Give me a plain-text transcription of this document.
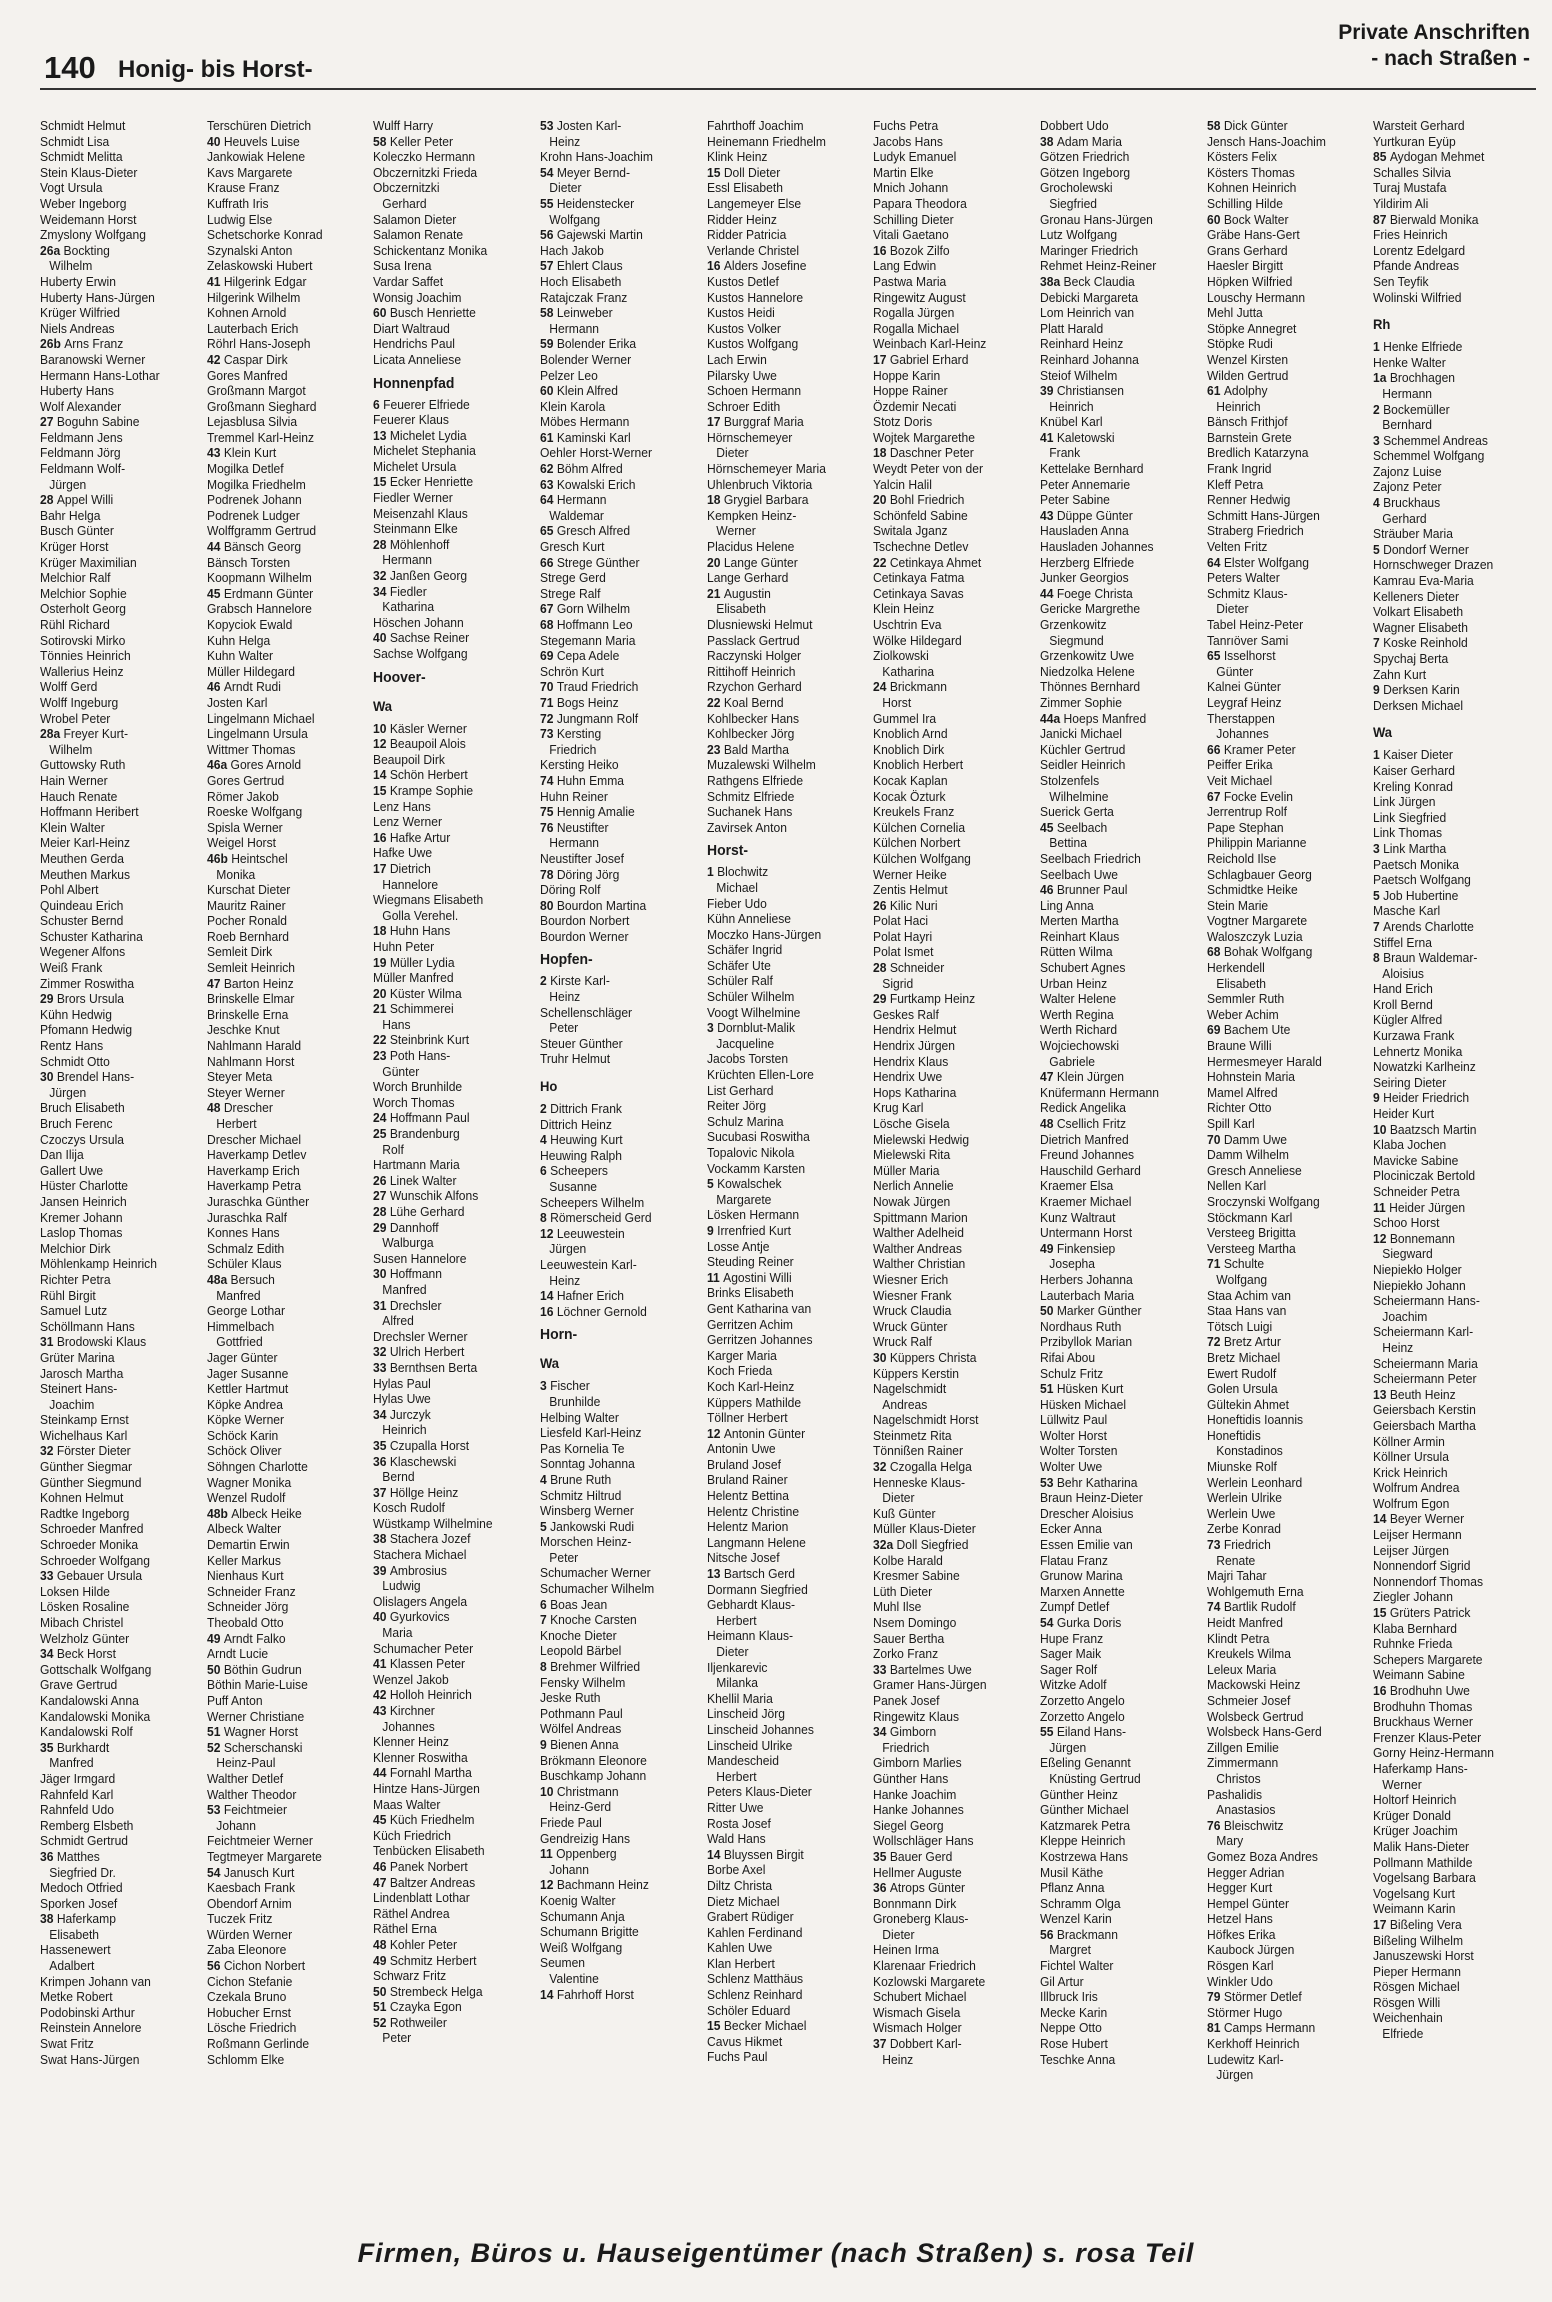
140 Honig- bis Horst-
Private Anschriften
- nach Straßen -
Schmidt Helmut
Schmidt Lisa
Schmidt Melitta
Stein Klaus-Dieter
Vogt Ursula
Weber Ingeborg
Weidemann Horst
Zmyslony Wolfgang
26a Bockting
Wilhelm
Huberty Erwin
Huberty Hans-Jürgen
Krüger Wilfried
Niels Andreas
26b Arns Franz
Baranowski Werner
Hermann Hans-Lothar
Huberty Hans
Wolf Alexander
27 Boguhn Sabine
Feldmann Jens
Feldmann Jörg
Feldmann Wolf-
Jürgen
28 Appel Willi
Bahr Helga
Busch Günter
Krüger Horst
Krüger Maximilian
Melchior Ralf
Melchior Sophie
Osterholt Georg
Rühl Richard
Sotirovski Mirko
Tönnies Heinrich
Wallerius Heinz
Wolff Gerd
Wolff Ingeburg
Wrobel Peter
28a Freyer Kurt-
Wilhelm
Guttowsky Ruth
Hain Werner
Hauch Renate
Hoffmann Heribert
Klein Walter
Meier Karl-Heinz
Meuthen Gerda
Meuthen Markus
Pohl Albert
Quindeau Erich
Schuster Bernd
Schuster Katharina
Wegener Alfons
Weiß Frank
Zimmer Roswitha
29 Brors Ursula
Kühn Hedwig
Pfomann Hedwig
Rentz Hans
Schmidt Otto
30 Brendel Hans-
Jürgen
Bruch Elisabeth
Bruch Ferenc
Czoczys Ursula
Dan Ilija
Gallert Uwe
Hüster Charlotte
Jansen Heinrich
Kremer Johann
Laslop Thomas
Melchior Dirk
Möhlenkamp Heinrich
Richter Petra
Rühl Birgit
Samuel Lutz
Schöllmann Hans
31 Brodowski Klaus
Grüter Marina
Jarosch Martha
Steinert Hans-
Joachim
Steinkamp Ernst
Wichelhaus Karl
32 Förster Dieter
Günther Siegmar
Günther Siegmund
Kohnen Helmut
Radtke Ingeborg
Schroeder Manfred
Schroeder Monika
Schroeder Wolfgang
33 Gebauer Ursula
Loksen Hilde
Lösken Rosaline
Mibach Christel
Welzholz Günter
34 Beck Horst
Gottschalk Wolfgang
Grave Gertrud
Kandalowski Anna
Kandalowski Monika
Kandalowski Rolf
35 Burkhardt
Manfred
Jäger Irmgard
Rahnfeld Karl
Rahnfeld Udo
Remberg Elsbeth
Schmidt Gertrud
36 Matthes
Siegfried Dr.
Medoch Otfried
Sporken Josef
38 Haferkamp
Elisabeth
Hassenewert
Adalbert
Krimpen Johann van
Metke Robert
Podobinski Arthur
Reinstein Annelore
Swat Fritz
Swat Hans-Jürgen
Terschüren Dietrich
40 Heuvels Luise
Jankowiak Helene
Kavs Margarete
Krause Franz
Kuffrath Iris
Ludwig Else
Schetschorke Konrad
Szynalski Anton
Zelaskowski Hubert
41 Hilgerink Edgar
Hilgerink Wilhelm
Kohnen Arnold
Lauterbach Erich
Röhrl Hans-Joseph
42 Caspar Dirk
Gores Manfred
Großmann Margot
Großmann Sieghard
Lejasblusa Silvia
Tremmel Karl-Heinz
43 Klein Kurt
Mogilka Detlef
Mogilka Friedhelm
Podrenek Johann
Podrenek Ludger
Wolffgramm Gertrud
44 Bänsch Georg
Bänsch Torsten
Koopmann Wilhelm
45 Erdmann Günter
Grabsch Hannelore
Kopyciok Ewald
Kuhn Helga
Kuhn Walter
Müller Hildegard
46 Arndt Rudi
Josten Karl
Lingelmann Michael
Lingelmann Ursula
Wittmer Thomas
46a Gores Arnold
Gores Gertrud
Römer Jakob
Roeske Wolfgang
Spisla Werner
Weigel Horst
46b Heintschel
Monika
Kurschat Dieter
Mauritz Rainer
Pocher Ronald
Roeb Bernhard
Semleit Dirk
Semleit Heinrich
47 Barton Heinz
Brinskelle Elmar
Brinskelle Erna
Jeschke Knut
Nahlmann Harald
Nahlmann Horst
Steyer Meta
Steyer Werner
48 Drescher
Herbert
Drescher Michael
Haverkamp Detlev
Haverkamp Erich
Haverkamp Petra
Juraschka Günther
Juraschka Ralf
Konnes Hans
Schmalz Edith
Schüler Klaus
48a Bersuch
Manfred
George Lothar
Himmelbach
Gottfried
Jager Günter
Jager Susanne
Kettler Hartmut
Köpke Andrea
Köpke Werner
Schöck Karin
Schöck Oliver
Söhngen Charlotte
Wagner Monika
Wenzel Rudolf
48b Albeck Heike
Albeck Walter
Demartin Erwin
Keller Markus
Nienhaus Kurt
Schneider Franz
Schneider Jörg
Theobald Otto
49 Arndt Falko
Arndt Lucie
50 Böthin Gudrun
Böthin Marie-Luise
Puff Anton
Werner Christiane
51 Wagner Horst
52 Scherschanski
Heinz-Paul
Walther Detlef
Walther Theodor
53 Feichtmeier
Johann
Feichtmeier Werner
Tegtmeyer Margarete
54 Janusch Kurt
Kaesbach Frank
Obendorf Arnim
Tuczek Fritz
Würden Werner
Zaba Eleonore
56 Cichon Norbert
Cichon Stefanie
Czekala Bruno
Hobucher Ernst
Lösche Friedrich
Roßmann Gerlinde
Schlomm Elke
Wulff Harry
58 Keller Peter
Koleczko Hermann
Obczernitzki Frieda
Obczernitzki
Gerhard
Salamon Dieter
Salamon Renate
Schickentanz Monika
Susa Irena
Vardar Saffet
Wonsig Joachim
60 Busch Henriette
Diart Waltraud
Hendrichs Paul
Licata Anneliese
Honnenpfad
6 Feuerer Elfriede
Feuerer Klaus
13 Michelet Lydia
Michelet Stephania
Michelet Ursula
15 Ecker Henriette
Fiedler Werner
Meisenzahl Klaus
Steinmann Elke
28 Möhlenhoff
Hermann
32 Janßen Georg
34 Fiedler
Katharina
Höschen Johann
40 Sachse Reiner
Sachse Wolfgang
Hoover-
Wa
10 Käsler Werner
12 Beaupoil Alois
Beaupoil Dirk
14 Schön Herbert
15 Krampe Sophie
Lenz Hans
Lenz Werner
16 Hafke Artur
Hafke Uwe
17 Dietrich
Hannelore
Wiegmans Elisabeth
Golla Verehel.
18 Huhn Hans
Huhn Peter
19 Müller Lydia
Müller Manfred
20 Küster Wilma
21 Schimmerei
Hans
22 Steinbrink Kurt
23 Poth Hans-
Günter
Worch Brunhilde
Worch Thomas
24 Hoffmann Paul
25 Brandenburg
Rolf
Hartmann Maria
26 Linek Walter
27 Wunschik Alfons
28 Lühe Gerhard
29 Dannhoff
Walburga
Susen Hannelore
30 Hoffmann
Manfred
31 Drechsler
Alfred
Drechsler Werner
32 Ulrich Herbert
33 Bernthsen Berta
Hylas Paul
Hylas Uwe
34 Jurczyk
Heinrich
35 Czupalla Horst
36 Klaschewski
Bernd
37 Höllge Heinz
Kosch Rudolf
Wüstkamp Wilhelmine
38 Stachera Jozef
Stachera Michael
39 Ambrosius
Ludwig
Olislagers Angela
40 Gyurkovics
Maria
Schumacher Peter
41 Klassen Peter
Wenzel Jakob
42 Holloh Heinrich
43 Kirchner
Johannes
Klenner Heinz
Klenner Roswitha
44 Fornahl Martha
Hintze Hans-Jürgen
Maas Walter
45 Küch Friedhelm
Küch Friedrich
Tenbücken Elisabeth
46 Panek Norbert
47 Baltzer Andreas
Lindenblatt Lothar
Räthel Andrea
Räthel Erna
48 Kohler Peter
49 Schmitz Herbert
Schwarz Fritz
50 Strembeck Helga
51 Czayka Egon
52 Rothweiler
Peter
53 Josten Karl-
Heinz
Krohn Hans-Joachim
54 Meyer Bernd-
Dieter
55 Heidenstecker
Wolfgang
56 Gajewski Martin
Hach Jakob
57 Ehlert Claus
Hoch Elisabeth
Ratajczak Franz
58 Leinweber
Hermann
59 Bolender Erika
Bolender Werner
Pelzer Leo
60 Klein Alfred
Klein Karola
Möbes Hermann
61 Kaminski Karl
Oehler Horst-Werner
62 Böhm Alfred
63 Kowalski Erich
64 Hermann
Waldemar
65 Gresch Alfred
Gresch Kurt
66 Strege Günther
Strege Gerd
Strege Ralf
67 Gorn Wilhelm
68 Hoffmann Leo
Stegemann Maria
69 Cepa Adele
Schrön Kurt
70 Traud Friedrich
71 Bogs Heinz
72 Jungmann Rolf
73 Kersting
Friedrich
Kersting Heiko
74 Huhn Emma
Huhn Reiner
75 Hennig Amalie
76 Neustifter
Hermann
Neustifter Josef
78 Döring Jörg
Döring Rolf
80 Bourdon Martina
Bourdon Norbert
Bourdon Werner
Hopfen-
2 Kirste Karl-
Heinz
Schellenschläger
Peter
Steuer Günther
Truhr Helmut
Ho
2 Dittrich Frank
Dittrich Heinz
4 Heuwing Kurt
Heuwing Ralph
6 Scheepers
Susanne
Scheepers Wilhelm
8 Römerscheid Gerd
12 Leeuwestein
Jürgen
Leeuwestein Karl-
Heinz
14 Hafner Erich
16 Löchner Gernold
Horn-
Wa
3 Fischer
Brunhilde
Helbing Walter
Liesfeld Karl-Heinz
Pas Kornelia Te
Sonntag Johanna
4 Brune Ruth
Schmitz Hiltrud
Winsberg Werner
5 Jankowski Rudi
Morschen Heinz-
Peter
Schumacher Werner
Schumacher Wilhelm
6 Boas Jean
7 Knoche Carsten
Knoche Dieter
Leopold Bärbel
8 Brehmer Wilfried
Fensky Wilhelm
Jeske Ruth
Pothmann Paul
Wölfel Andreas
9 Bienen Anna
Brökmann Eleonore
Buschkamp Johann
10 Christmann
Heinz-Gerd
Friede Paul
Gendreizig Hans
11 Oppenberg
Johann
12 Bachmann Heinz
Koenig Walter
Schumann Anja
Schumann Brigitte
Weiß Wolfgang
Seumen
Valentine
14 Fahrhoff Horst
Fahrthoff Joachim
Heinemann Friedhelm
Klink Heinz
15 Doll Dieter
Essl Elisabeth
Langemeyer Else
Ridder Heinz
Ridder Patricia
Verlande Christel
16 Alders Josefine
Kustos Detlef
Kustos Hannelore
Kustos Heidi
Kustos Volker
Kustos Wolfgang
Lach Erwin
Pilarsky Uwe
Schoen Hermann
Schroer Edith
17 Burggraf Maria
Hörnschemeyer
Dieter
Hörnschemeyer Maria
Uhlenbruch Viktoria
18 Grygiel Barbara
Kempken Heinz-
Werner
Placidus Helene
20 Lange Günter
Lange Gerhard
21 Augustin
Elisabeth
Dlusniewski Helmut
Passlack Gertrud
Raczynski Holger
Rittihoff Heinrich
Rzychon Gerhard
22 Koal Bernd
Kohlbecker Hans
Kohlbecker Jörg
23 Bald Martha
Muzalewski Wilhelm
Rathgens Elfriede
Schmitz Elfriede
Suchanek Hans
Zavirsek Anton
Horst-
1 Blochwitz
Michael
Fieber Udo
Kühn Anneliese
Moczko Hans-Jürgen
Schäfer Ingrid
Schäfer Ute
Schüler Ralf
Schüler Wilhelm
Voogt Wilhelmine
3 Dornblut-Malik
Jacqueline
Jacobs Torsten
Krüchten Ellen-Lore
List Gerhard
Reiter Jörg
Schulz Marina
Sucubasi Roswitha
Topalovic Nikola
Vockamm Karsten
5 Kowalschek
Margarete
Lösken Hermann
9 Irrenfried Kurt
Losse Antje
Steuding Reiner
11 Agostini Willi
Brinks Elisabeth
Gent Katharina van
Gerritzen Achim
Gerritzen Johannes
Karger Maria
Koch Frieda
Koch Karl-Heinz
Küppers Mathilde
Töllner Herbert
12 Antonin Günter
Antonin Uwe
Bruland Josef
Bruland Rainer
Helentz Bettina
Helentz Christine
Helentz Marion
Langmann Helene
Nitsche Josef
13 Bartsch Gerd
Dormann Siegfried
Gebhardt Klaus-
Herbert
Heimann Klaus-
Dieter
Iljenkarevic
Milanka
Khellil Maria
Linscheid Jörg
Linscheid Johannes
Linscheid Ulrike
Mandescheid
Herbert
Peters Klaus-Dieter
Ritter Uwe
Rosta Josef
Wald Hans
14 Bluyssen Birgit
Borbe Axel
Diltz Christa
Dietz Michael
Grabert Rüdiger
Kahlen Ferdinand
Kahlen Uwe
Klan Herbert
Schlenz Matthäus
Schlenz Reinhard
Schöler Eduard
15 Becker Michael
Cavus Hikmet
Fuchs Paul
Fuchs Petra
Jacobs Hans
Ludyk Emanuel
Martin Elke
Mnich Johann
Papara Theodora
Schilling Dieter
Vitali Gaetano
16 Bozok Zilfo
Lang Edwin
Pastwa Maria
Ringewitz August
Rogalla Jürgen
Rogalla Michael
Weinbach Karl-Heinz
17 Gabriel Erhard
Hoppe Karin
Hoppe Rainer
Özdemir Necati
Stotz Doris
Wojtek Margarethe
18 Daschner Peter
Weydt Peter von der
Yalcin Halil
20 Bohl Friedrich
Schönfeld Sabine
Switala Jganz
Tschechne Detlev
22 Cetinkaya Ahmet
Cetinkaya Fatma
Cetinkaya Savas
Klein Heinz
Uschtrin Eva
Wölke Hildegard
Ziolkowski
Katharina
24 Brickmann
Horst
Gummel Ira
Knoblich Arnd
Knoblich Dirk
Knoblich Herbert
Kocak Kaplan
Kocak Özturk
Kreukels Franz
Külchen Cornelia
Külchen Norbert
Külchen Wolfgang
Werner Heike
Zentis Helmut
26 Kilic Nuri
Polat Haci
Polat Hayri
Polat Ismet
28 Schneider
Sigrid
29 Furtkamp Heinz
Geskes Ralf
Hendrix Helmut
Hendrix Jürgen
Hendrix Klaus
Hendrix Uwe
Hops Katharina
Krug Karl
Lösche Gisela
Mielewski Hedwig
Mielewski Rita
Müller Maria
Nerlich Annelie
Nowak Jürgen
Spittmann Marion
Walther Adelheid
Walther Andreas
Walther Christian
Wiesner Erich
Wiesner Frank
Wruck Claudia
Wruck Günter
Wruck Ralf
30 Küppers Christa
Küppers Kerstin
Nagelschmidt
Andreas
Nagelschmidt Horst
Steinmetz Rita
Tönnißen Rainer
32 Czogalla Helga
Henneske Klaus-
Dieter
Kuß Günter
Müller Klaus-Dieter
32a Doll Siegfried
Kolbe Harald
Kresmer Sabine
Lüth Dieter
Muhl Ilse
Nsem Domingo
Sauer Bertha
Zorko Franz
33 Bartelmes Uwe
Gramer Hans-Jürgen
Panek Josef
Ringewitz Klaus
34 Gimborn
Friedrich
Gimborn Marlies
Günther Hans
Hanke Joachim
Hanke Johannes
Siegel Georg
Wollschläger Hans
35 Bauer Gerd
Hellmer Auguste
36 Atrops Günter
Bonnmann Dirk
Groneberg Klaus-
Dieter
Heinen Irma
Klarenaar Friedrich
Kozlowski Margarete
Schubert Michael
Wismach Gisela
Wismach Holger
37 Dobbert Karl-
Heinz
Dobbert Udo
38 Adam Maria
Götzen Friedrich
Götzen Ingeborg
Grocholewski
Siegfried
Gronau Hans-Jürgen
Lutz Wolfgang
Maringer Friedrich
Rehmet Heinz-Reiner
38a Beck Claudia
Debicki Margareta
Lom Heinrich van
Platt Harald
Reinhard Heinz
Reinhard Johanna
Steiof Wilhelm
39 Christiansen
Heinrich
Knübel Karl
41 Kaletowski
Frank
Kettelake Bernhard
Peter Annemarie
Peter Sabine
43 Düppe Günter
Hausladen Anna
Hausladen Johannes
Herzberg Elfriede
Junker Georgios
44 Foege Christa
Gericke Margrethe
Grzenkowitz
Siegmund
Grzenkowitz Uwe
Niedzolka Helene
Thönnes Bernhard
Zimmer Sophie
44a Hoeps Manfred
Janicki Michael
Küchler Gertrud
Seidler Heinrich
Stolzenfels
Wilhelmine
Suerick Gerta
45 Seelbach
Bettina
Seelbach Friedrich
Seelbach Uwe
46 Brunner Paul
Ling Anna
Merten Martha
Reinhart Klaus
Rütten Wilma
Schubert Agnes
Urban Heinz
Walter Helene
Werth Regina
Werth Richard
Wojciechowski
Gabriele
47 Klein Jürgen
Knüfermann Hermann
Redick Angelika
48 Csellich Fritz
Dietrich Manfred
Freund Johannes
Hauschild Gerhard
Kraemer Elsa
Kraemer Michael
Kunz Waltraut
Untermann Horst
49 Finkensiep
Josepha
Herbers Johanna
Lauterbach Maria
50 Marker Günther
Nordhaus Ruth
Przibyllok Marian
Rifai Abou
Schulz Fritz
51 Hüsken Kurt
Hüsken Michael
Lüllwitz Paul
Wolter Horst
Wolter Torsten
Wolter Uwe
53 Behr Katharina
Braun Heinz-Dieter
Drescher Aloisius
Ecker Anna
Essen Emilie van
Flatau Franz
Grunow Marina
Marxen Annette
Zumpf Detlef
54 Gurka Doris
Hupe Franz
Sager Maik
Sager Rolf
Witzke Adolf
Zorzetto Angelo
Zorzetto Angelo
55 Eiland Hans-
Jürgen
Eßeling Genannt
Knüsting Gertrud
Günther Heinz
Günther Michael
Katzmarek Petra
Kleppe Heinrich
Kostrzewa Hans
Musil Käthe
Pflanz Anna
Schramm Olga
Wenzel Karin
56 Brackmann
Margret
Fichtel Walter
Gil Artur
Illbruck Iris
Mecke Karin
Neppe Otto
Rose Hubert
Teschke Anna
58 Dick Günter
Jensch Hans-Joachim
Kösters Felix
Kösters Thomas
Kohnen Heinrich
Schilling Hilde
60 Bock Walter
Gräbe Hans-Gert
Grans Gerhard
Haesler Birgitt
Höpken Wilfried
Louschy Hermann
Mehl Jutta
Stöpke Annegret
Stöpke Rudi
Wenzel Kirsten
Wilden Gertrud
61 Adolphy
Heinrich
Bänsch Frithjof
Barnstein Grete
Bredlich Katarzyna
Frank Ingrid
Kleff Petra
Renner Hedwig
Schmitt Hans-Jürgen
Straberg Friedrich
Velten Fritz
64 Elster Wolfgang
Peters Walter
Schmitz Klaus-
Dieter
Tabel Heinz-Peter
Tanrıöver Sami
65 Isselhorst
Günter
Kalnei Günter
Leygraf Heinz
Therstappen
Johannes
66 Kramer Peter
Peiffer Erika
Veit Michael
67 Focke Evelin
Jerrentrup Rolf
Pape Stephan
Philippin Marianne
Reichold Ilse
Schlagbauer Georg
Schmidtke Heike
Stein Marie
Vogtner Margarete
Waloszczyk Luzia
68 Bohak Wolfgang
Herkendell
Elisabeth
Semmler Ruth
Weber Achim
69 Bachem Ute
Braune Willi
Hermesmeyer Harald
Hohnstein Maria
Mamel Alfred
Richter Otto
Spill Karl
70 Damm Uwe
Damm Wilhelm
Gresch Anneliese
Nellen Karl
Sroczynski Wolfgang
Stöckmann Karl
Versteeg Brigitta
Versteeg Martha
71 Schulte
Wolfgang
Staa Achim van
Staa Hans van
Tötsch Luigi
72 Bretz Artur
Bretz Michael
Ewert Rudolf
Golen Ursula
Gültekin Ahmet
Honeftidis Ioannis
Honeftidis
Konstadinos
Miunske Rolf
Werlein Leonhard
Werlein Ulrike
Werlein Uwe
Zerbe Konrad
73 Friedrich
Renate
Majri Tahar
Wohlgemuth Erna
74 Bartlik Rudolf
Heidt Manfred
Klindt Petra
Kreukels Wilma
Leleux Maria
Mackowski Heinz
Schmeier Josef
Wolsbeck Gertrud
Wolsbeck Hans-Gerd
Zillgen Emilie
Zimmermann
Christos
Pashalidis
Anastasios
76 Bleischwitz
Mary
Gomez Boza Andres
Hegger Adrian
Hegger Kurt
Hempel Günter
Hetzel Hans
Höfkes Erika
Kaubock Jürgen
Rösgen Karl
Winkler Udo
79 Störmer Detlef
Störmer Hugo
81 Camps Hermann
Kerkhoff Heinrich
Ludewitz Karl-
Jürgen
Warsteit Gerhard
Yurtkuran Eyüp
85 Aydogan Mehmet
Schalles Silvia
Turaj Mustafa
Yildirim Ali
87 Bierwald Monika
Fries Heinrich
Lorentz Edelgard
Pfande Andreas
Sen Teyfik
Wolinski Wilfried
Rh
1 Henke Elfriede
Henke Walter
1a Brochhagen
Hermann
2 Bockemüller
Bernhard
3 Schemmel Andreas
Schemmel Wolfgang
Zajonz Luise
Zajonz Peter
4 Bruckhaus
Gerhard
Sträuber Maria
5 Dondorf Werner
Hornschweger Drazen
Kamrau Eva-Maria
Kelleners Dieter
Volkart Elisabeth
Wagner Elisabeth
7 Koske Reinhold
Spychaj Berta
Zahn Kurt
9 Derksen Karin
Derksen Michael
Wa
1 Kaiser Dieter
Kaiser Gerhard
Kreling Konrad
Link Jürgen
Link Siegfried
Link Thomas
3 Link Martha
Paetsch Monika
Paetsch Wolfgang
5 Job Hubertine
Masche Karl
7 Arends Charlotte
Stiffel Erna
8 Braun Waldemar-
Aloisius
Hand Erich
Kroll Bernd
Kügler Alfred
Kurzawa Frank
Lehnertz Monika
Nowatzki Karlheinz
Seiring Dieter
9 Heider Friedrich
Heider Kurt
10 Baatzsch Martin
Klaba Jochen
Mavicke Sabine
Plociniczak Bertold
Schneider Petra
11 Heider Jürgen
Schoo Horst
12 Bonnemann
Siegward
Niepiekło Holger
Niepiekło Johann
Scheiermann Hans-
Joachim
Scheiermann Karl-
Heinz
Scheiermann Maria
Scheiermann Peter
13 Beuth Heinz
Geiersbach Kerstin
Geiersbach Martha
Köllner Armin
Köllner Ursula
Krick Heinrich
Wolfrum Andrea
Wolfrum Egon
14 Beyer Werner
Leijser Hermann
Leijser Jürgen
Nonnendorf Sigrid
Nonnendorf Thomas
Ziegler Johann
15 Grüters Patrick
Klaba Bernhard
Ruhnke Frieda
Schepers Margarete
Weimann Sabine
16 Brodhuhn Uwe
Brodhuhn Thomas
Bruckhaus Werner
Frenzer Klaus-Peter
Gorny Heinz-Hermann
Haferkamp Hans-
Werner
Holtorf Heinrich
Krüger Donald
Krüger Joachim
Malik Hans-Dieter
Pollmann Mathilde
Vogelsang Barbara
Vogelsang Kurt
Weimann Karin
17 Bißeling Vera
Bißeling Wilhelm
Januszewski Horst
Pieper Hermann
Rösgen Michael
Rösgen Willi
Weichenhain
Elfriede
Firmen, Büros u. Hauseigentümer (nach Straßen) s. rosa Teil
